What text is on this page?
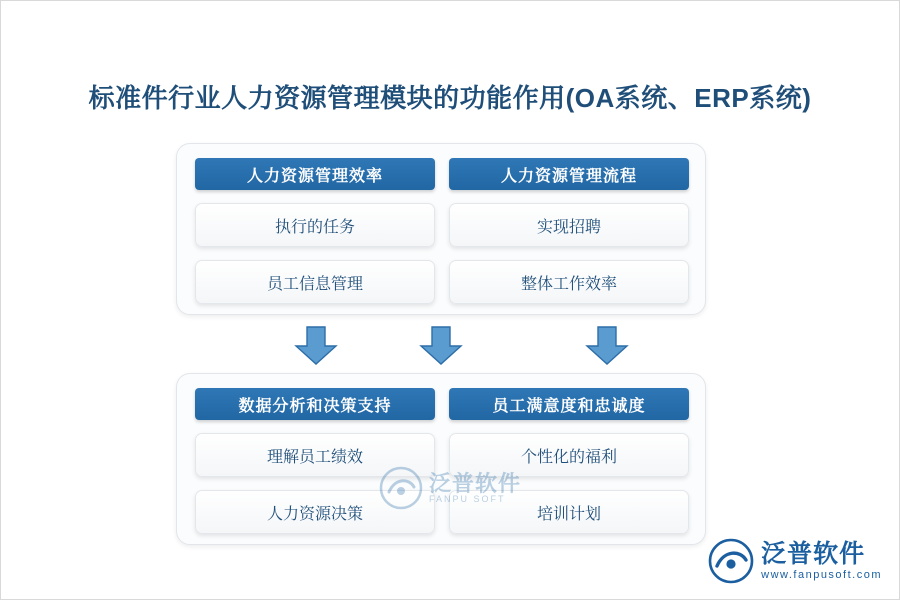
标准件行业人力资源管理模块的功能作用(OA系统、ERP系统)
人力资源管理效率
执行的任务
员工信息管理
人力资源管理流程
实现招聘
整体工作效率
数据分析和决策支持
理解员工绩效
人力资源决策
员工满意度和忠诚度
个性化的福利
培训计划
泛普软件
FANPU SOFT
泛普软件
www.fanpusoft.com
